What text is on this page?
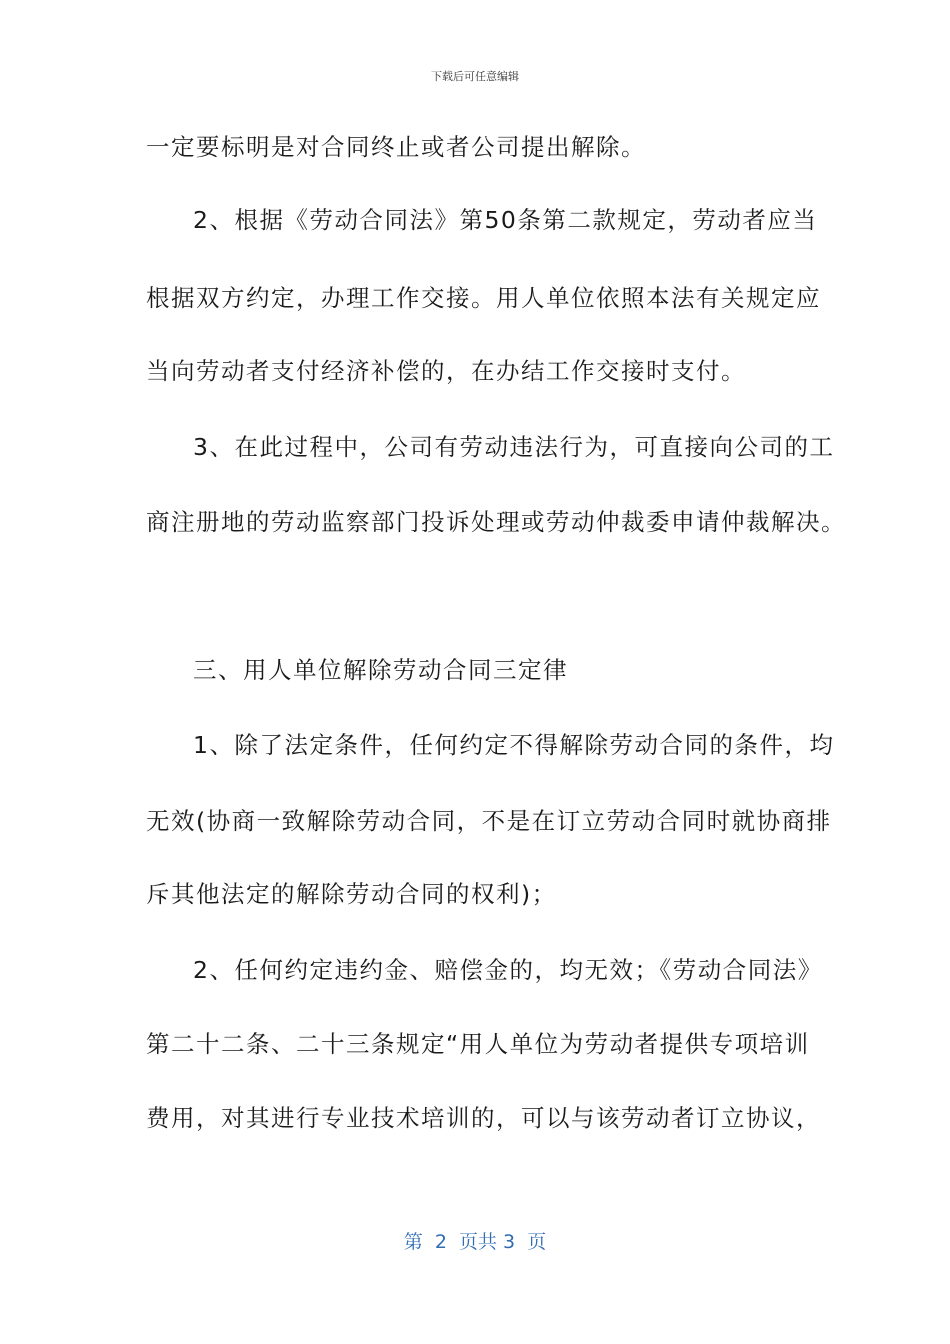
下载后可任意编辑
一定要标明是对合同终止或者公司提出解除。
2、根据《劳动合同法》第50条第二款规定，劳动者应当
根据双方约定，办理工作交接。用人单位依照本法有关规定应
当向劳动者支付经济补偿的，在办结工作交接时支付。
3、在此过程中，公司有劳动违法行为，可直接向公司的工
商注册地的劳动监察部门投诉处理或劳动仲裁委申请仲裁解决。
三、用人单位解除劳动合同三定律
1、除了法定条件，任何约定不得解除劳动合同的条件，均
无效(协商一致解除劳动合同，不是在订立劳动合同时就协商排
斥其他法定的解除劳动合同的权利)；
2、任何约定违约金、赔偿金的，均无效；《劳动合同法》
第二十二条、二十三条规定“用人单位为劳动者提供专项培训
费用，对其进行专业技术培训的，可以与该劳动者订立协议，
第  2  页共 3  页
